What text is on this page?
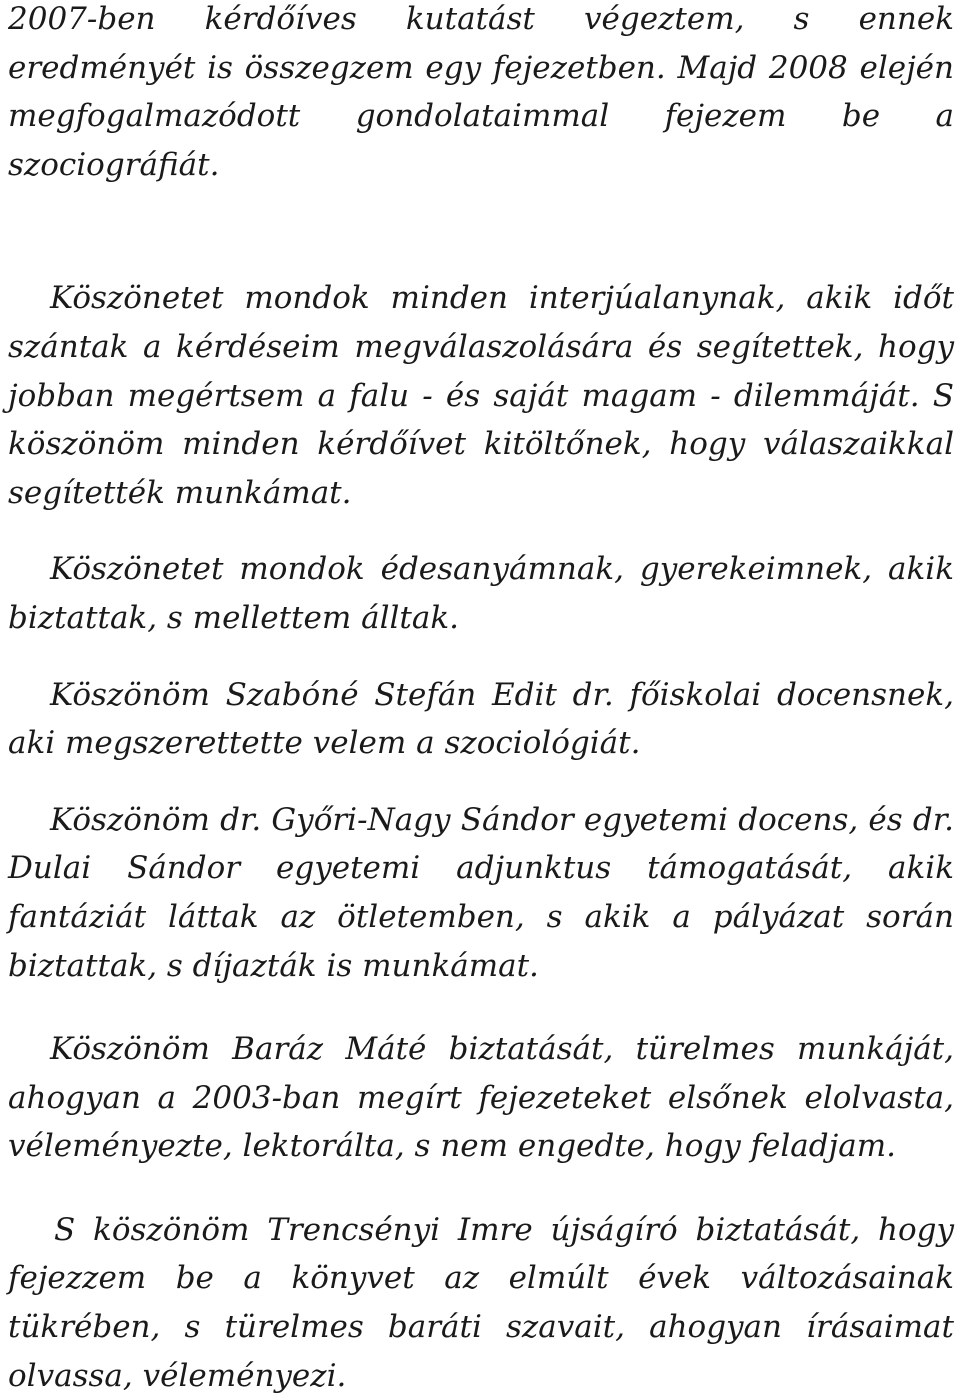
2007-ben kérdőíves kutatást végeztem, s ennek eredményét is összegzem egy fejezetben. Majd 2008 elején megfogalmazódott gondolataimmal fejezem be a szociográfiát.

Köszönetet mondok minden interjúalanynak, akik időt szántak a kérdéseim megválaszolására és segítettek, hogy jobban megértsem a falu - és saját magam - dilemmáját. S köszönöm minden kérdőívet kitöltőnek, hogy válaszaikkal segítették munkámat.

Köszönetet mondok édesanyámnak, gyerekeimnek, akik biztattak, s mellettem álltak.

Köszönöm Szabóné Stefán Edit dr. főiskolai docensnek, aki megszerettette velem a szociológiát.

Köszönöm dr. Győri-Nagy Sándor egyetemi docens, és dr. Dulai Sándor egyetemi adjunktus támogatását, akik fantáziát láttak az ötletemben, s akik a pályázat során biztattak, s díjazták is munkámat.

Köszönöm Baráz Máté biztatását, türelmes munkáját, ahogyan a 2003-ban megírt fejezeteket elsőnek elolvasta, véleményezte, lektorálta, s nem engedte, hogy feladjam.

S köszönöm Trencsényi Imre újságíró biztatását, hogy fejezzem be a könyvet az elmúlt évek változásainak tükrében, s türelmes baráti szavait, ahogyan írásaimat olvassa, véleményezi.
